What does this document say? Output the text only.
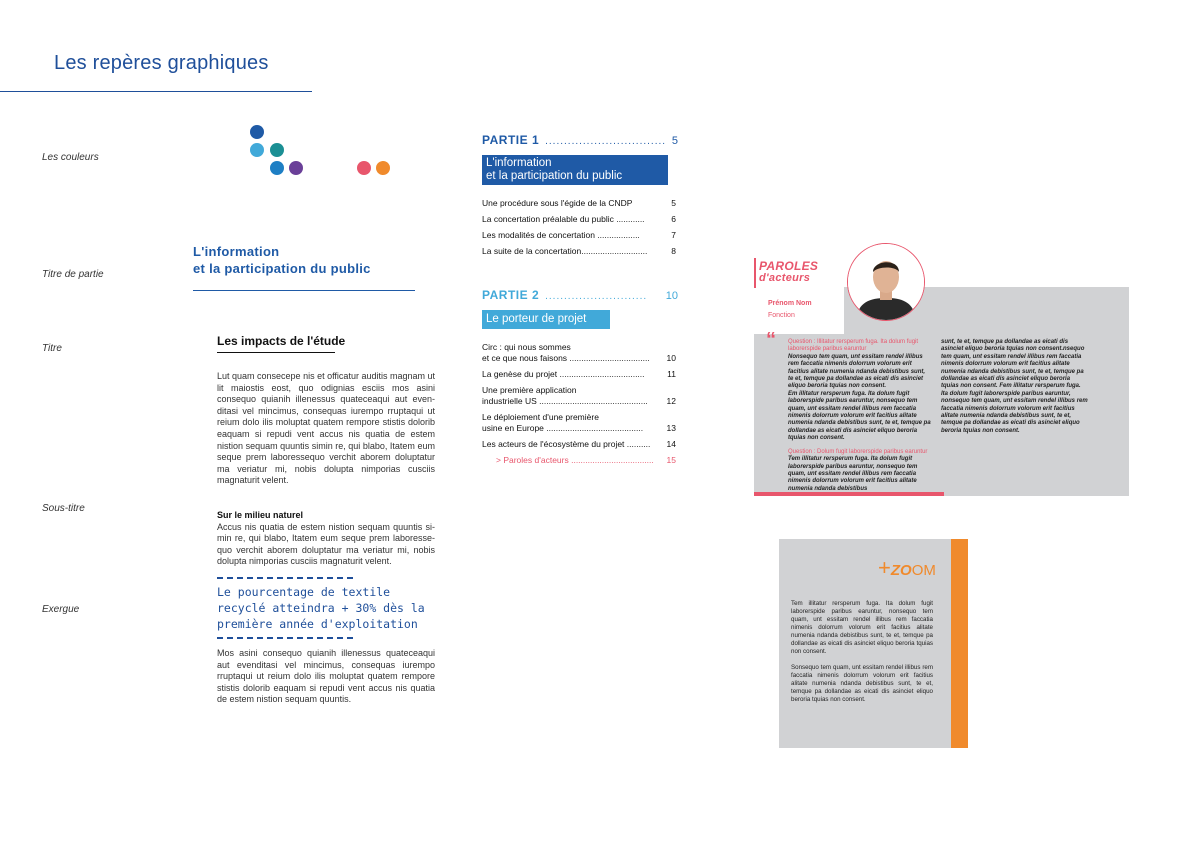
Les repères graphiques
Les couleurs
Titre de partie
Titre
Sous-titre
Exergue
L'information
et la participation du public
Les impacts de l'étude
Lut quam consecepe nis et officatur auditis magnam ut lit maiostis eost, quo odignias esciis mos asini consequo quianih illenessus quateceaqui aut evenditasi vel mincimus, consequas iurempo rruptaqui ut reium dolo ilis moluptat quatem rempore stistis dolorib eaquam si repudi vent accus nis quatia de estem nistion sequam quuntis simin re, qui blabo, Itatem eum seque prem laboressequo verchit aborem doluptatur ma veriatur mi, nobis dolupta nimporias cusciis magnaturit velent.
Sur le milieu naturel
Accus nis quatia de estem nistion sequam quuntis simin re, qui blabo, Itatem eum seque prem laboressequo verchit aborem doluptatur ma veriatur mi, nobis dolupta nimporias cusciis magnaturit velent.
Le pourcentage de textile recyclé atteindra + 30% dès la première année d'exploitation
Mos asini consequo quianih illenessus quateceaqui aut evenditasi vel mincimus, consequas iurempo rruptaqui ut reium dolo ilis moluptat quatem rempore stistis dolorib eaquam si repudi vent accus nis quatia de estem nistion sequam quuntis.
PARTIE 1 ................................ 5
L'information
et la participation du public
Une procédure sous l'égide de la CNDP	5
La concertation préalable du public ............	6
Les modalités de concertation ..................	7
La suite de la concertation............................	8
PARTIE 2 ...........................	10
Le porteur de projet
Circ : qui nous sommes
et ce que nous faisons ..................................	10
La genèse du projet ....................................	11
Une première application
industrielle US ..............................................	12
Le déploiement d'une première
usine en Europe .........................................	13
Les acteurs de l'écosystème du projet ..........	14
> Paroles d'acteurs ...................................	15
PAROLES
d'acteurs
Prénom Nom
Fonction
“ Question : Illitatur rersperum fuga. Ita dolum fugit laborerspide paribus earuntur
Nonsequo tem quam, unt essitam rendel illibus rem faccatia nimenis dolorrum volorum erit facitius alitate numenia ndanda debistibus sunt, te et, temque pa dollandae as eicati dis asinciet eliquo beroria tquias non consent.
Em illitatur rersperum fuga. Ita dolum fugit laborerspide paribus earuntur, nonsequo tem quam, unt essitam rendel illibus rem faccatia nimenis dolorrum volorum erit facitius alitate numenia ndanda debistibus sunt, te et, temque pa dollandae as eicati dis asinciet eliquo beroria tquias non consent.
Question : Dolum fugit laborerspide paribus earuntur
Tem illitatur rersperum fuga. Ita dolum fugit laborerspide paribus earuntur, nonsequo tem quam, unt essitam rendel illibus rem faccatia nimenis dolorrum volorum erit facitius alitate numenia ndanda debistibus
sunt, te et, temque pa dollandae as eicati dis asinciet eliquo beroria tquias non consent.nsequo tem quam, unt essitam rendel illibus rem faccatia nimenis dolorrum volorum erit facitius alitate numenia ndanda debistibus sunt, te et, temque pa dollandae as eicati dis asinciet eliquo beroria tquias non consent. Fem illitatur rersperum fuga. Ita dolum fugit laborerspide paribus earuntur, nonsequo tem quam, unt essitam rendel illibus rem faccatia nimenis dolorrum volorum erit facitius alitate numenia ndanda debistibus sunt, te et, temque pa dollandae as eicati dis asinciet eliquo beroria tquias non consent.
+ZOOM
Tem illitatur rersperum fuga. Ita dolum fugit laborerspide paribus earuntur, nonsequo tem quam, unt essitam rendel illibus rem faccatia nimenis dolorrum volorum erit facitius alitate numenia ndanda debistibus sunt, te et, temque pa dollandae as eicati dis asinciet eliquo beroria tquias non consent.
Sonsequo tem quam, unt essitam rendel illibus rem faccatia nimenis dolorrum volorum erit facitius alitate numenia ndanda debistibus sunt, te et, temque pa dollandae as eicati dis asinciet eliquo beroria tquias non consent.
